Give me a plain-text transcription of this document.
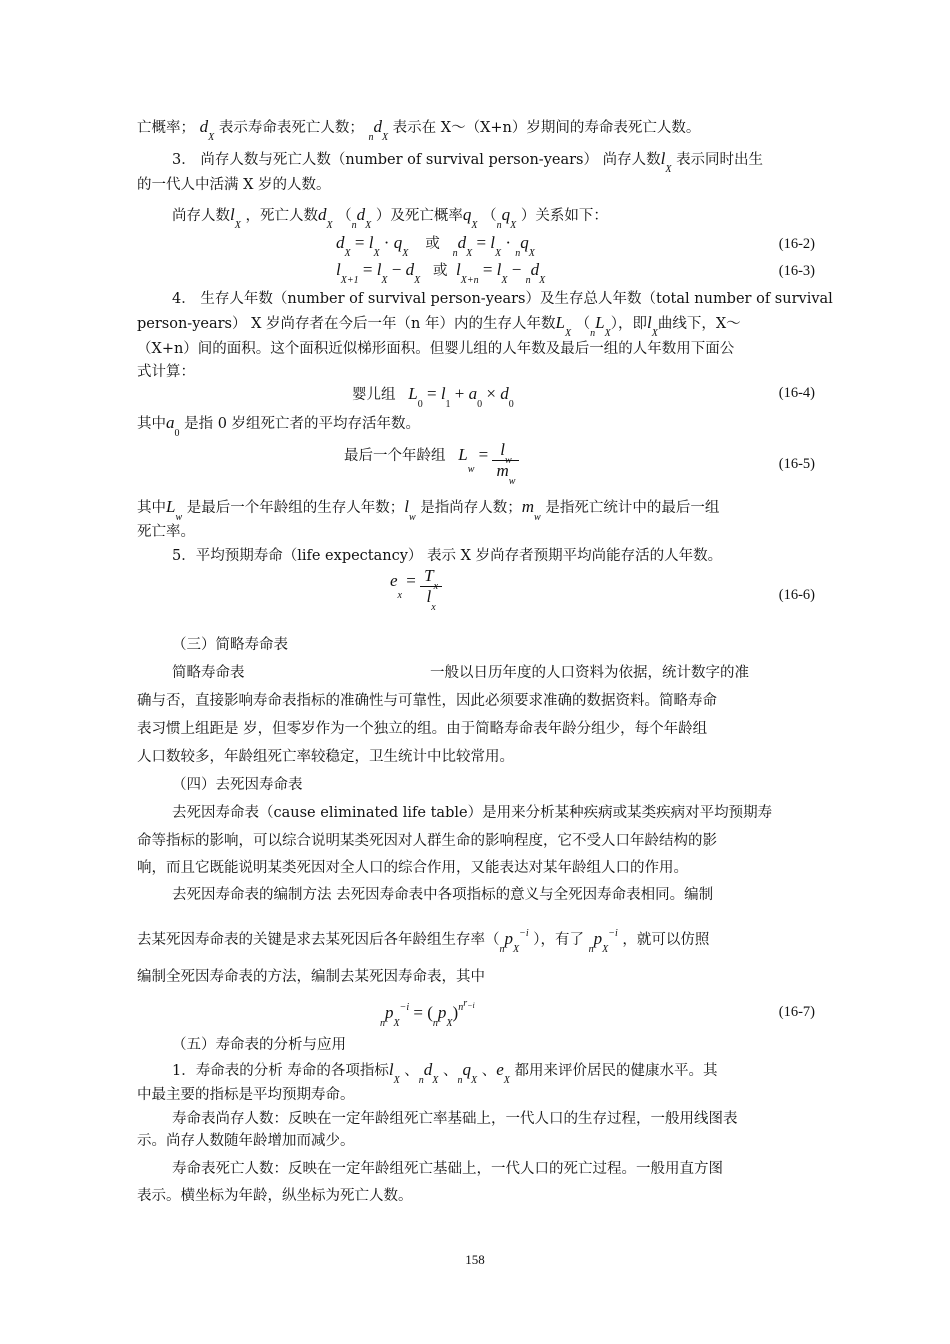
亡概率； $d_X$ 表示寿命表死亡人数； $_nd_X$ 表示在 X～（X+n）岁期间的寿命表死亡人数。
3． 尚存人数与死亡人数（number of survival person-years） 尚存人数$l_X$ 表示同时出生
的一代人中活满 X 岁的人数。
尚存人数$l_X$ ，死亡人数$d_X$ （$_nd_X$ ）及死亡概率$q_X$ （$_nq_X$ ）关系如下：
$d_X = l_X \cdot q_X$    或   $_nd_X = l_X \cdot _nq_X$
(16-2)
$l_{X+1} = l_X - d_X$   或 $l_{X+n} = l_X - _nd_X$
(16-3)
4． 生存人年数（number of survival person-years）及生存总人年数（total number of survival
person-years） X 岁尚存者在今后一年（n 年）内的生存人年数$L_X$ $(_nL_X)$，即$l_X$曲线下，X～
（X+n）间的面积。这个面积近似梯形面积。但婴儿组的人年数及最后一组的人年数用下面公
式计算：
婴儿组 $L_0 = l_1 + a_0 \times d_0$
(16-4)
其中$a_0$ 是指 0 岁组死亡者的平均存活年数。
最后一个年龄组 $L_w = \frac{l_w}{m_w}$	(16-5)
其中$L_w$ 是最后一个年龄组的生存人年数；$l_w$ 是指尚存人数；$m_w$ 是指死亡统计中的最后一组
死亡率。
5．平均预期寿命（life expectancy） 表示 X 岁尚存者预期平均尚能存活的人年数。
$e_x = \frac{T_x}{l_x}$	(16-6)
（三）简略寿命表
简略寿命表	一般以日历年度的人口资料为依据，统计数字的准
确与否，直接影响寿命表指标的准确性与可靠性，因此必须要求准确的数据资料。简略寿命
表习惯上组距是 岁，但零岁作为一个独立的组。由于简略寿命表年龄分组少，每个年龄组
人口数较多，年龄组死亡率较稳定，卫生统计中比较常用。
（四）去死因寿命表
去死因寿命表（cause eliminated life table）是用来分析某种疾病或某类疾病对平均预期寿
命等指标的影响，可以综合说明某类死因对人群生命的影响程度，它不受人口年龄结构的影
响，而且它既能说明某类死因对全人口的综合作用，又能表达对某年龄组人口的作用。
去死因寿命表的编制方法 去死因寿命表中各项指标的意义与全死因寿命表相同。编制
去某死因寿命表的关键是求去某死因后各年龄组生存率（$_np_X^{-i}$ ），有了 $_np_X^{-i}$ ，就可以仿照
编制全死因寿命表的方法，编制去某死因寿命表，其中
$_np_X^{-i} = (_np_X)^{nr-i}$	(16-7)
（五）寿命表的分析与应用
1．寿命表的分析 寿命的各项指标$l_X$ 、$_nd_X$ 、$_nq_X$ 、$e_X$ 都用来评价居民的健康水平。其
中最主要的指标是平均预期寿命。
寿命表尚存人数：反映在一定年龄组死亡率基础上，一代人口的生存过程，一般用线图表
示。尚存人数随年龄增加而减少。
寿命表死亡人数：反映在一定年龄组死亡基础上，一代人口的死亡过程。一般用直方图
表示。横坐标为年龄，纵坐标为死亡人数。
158
